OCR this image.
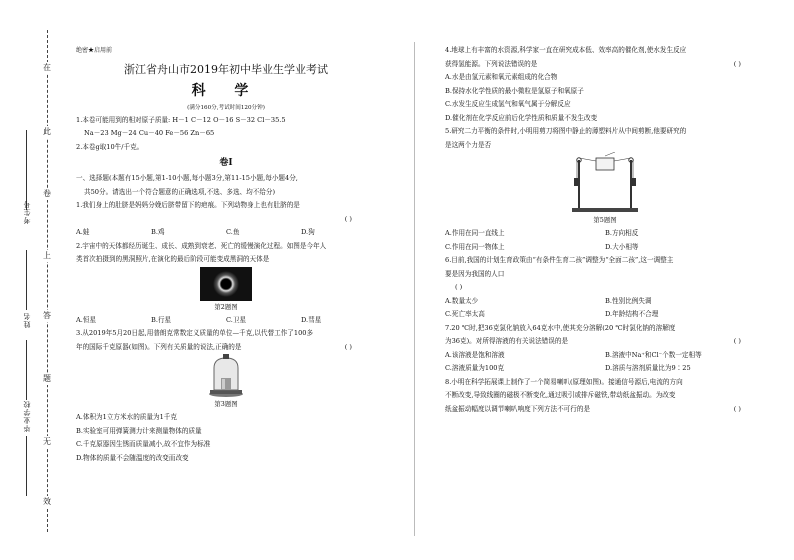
在
此
卷
上
答
题
无
效
考生号
姓名
毕业学校
绝密★启用前
浙江省舟山市2019年初中毕业生学业考试
科 学
(满分160分,考试时间120分钟)
1.本卷可能用到的相对原子质量: H－1 C－12 O－16 S－32 Cl－35.5
Na－23 Mg－24 Cu－40 Fe－56 Zn－65
2.本卷g取10牛/千克。
卷I
一、选择题(本题有15小题,第1-10小题,每小题3分,第11-15小题,每小题4分,
共50分。请选出一个符合题意的正确选项,不选、多选、均不给分)
1.我们身上的肚脐是妈妈分娩后脐带留下的疤痕。下列动物身上也有肚脐的是
( )

A.蛙	B.鸡	C.鱼	D.狗
2.宇宙中的天体都经历诞生、成长、成熟到衰老、死亡的缓慢演化过程。如图是今年人
类首次拍摄到的黑洞照片,在演化的最后阶段可能变成黑洞的天体是
第2题图
A.恒星	B.行星	C.卫星	D.彗星
3.从2019年5月20日起,用普朗克常数定义质量的单位—千克,以代替工作了100多
年的国际千克原器(如图)。下列有关质量的说法,正确的是	( )
第3题图
A.体积为1立方米水的质量为1千克
B.实验室可用弹簧测力计来测量物体的质量
C.千克原器因生锈而质量减小,故不宜作为标准
D.物体的质量不会随温度的改变而改变
4.地球上有丰富的水资源,科学家一直在研究成本低、效率高的催化剂,使水发生反应
获得氢能源。下列说法错误的是	( )
A.水是由氢元素和氧元素组成的化合物
B.保持水化学性质的最小微粒是氢原子和氧原子
C.水发生反应生成氢气和氧气属于分解反应
D.催化剂在化学反应前后化学性质和质量不发生改变
5.研究二力平衡的条件时,小明用剪刀将图中静止的薄塑料片从中间剪断,他要研究的
是这两个力是否
第5题图
A.作用在同一直线上	B.方向相反
C.作用在同一物体上	D.大小相等
6.目前,我国的计划生育政策由“有条件生育二孩”调整为“全面二孩”,这一调整主
要是因为我国的人口
( )
A.数量太少	B.性别比例失调
C.死亡率太高	D.年龄结构不合理
7.20 ℃时,把36克氯化钠放入64克水中,使其充分溶解(20 ℃时氯化钠的溶解度
为36克)。对所得溶液的有关说法错误的是	( )
A.该溶液是饱和溶液	B.溶液中Na⁺和Cl⁻个数一定相等
C.溶液质量为100克	D.溶质与溶剂质量比为9∶25
8.小明在科学拓展课上制作了一个简易喇叭(原理如图)。接通信号源后,电流的方向
不断改变,导致线圈的磁极不断变化,通过吸引或排斥磁铁,带动纸盆振动。为改变
纸盆振动幅度以调节喇叭响度下列方法不可行的是	( )
